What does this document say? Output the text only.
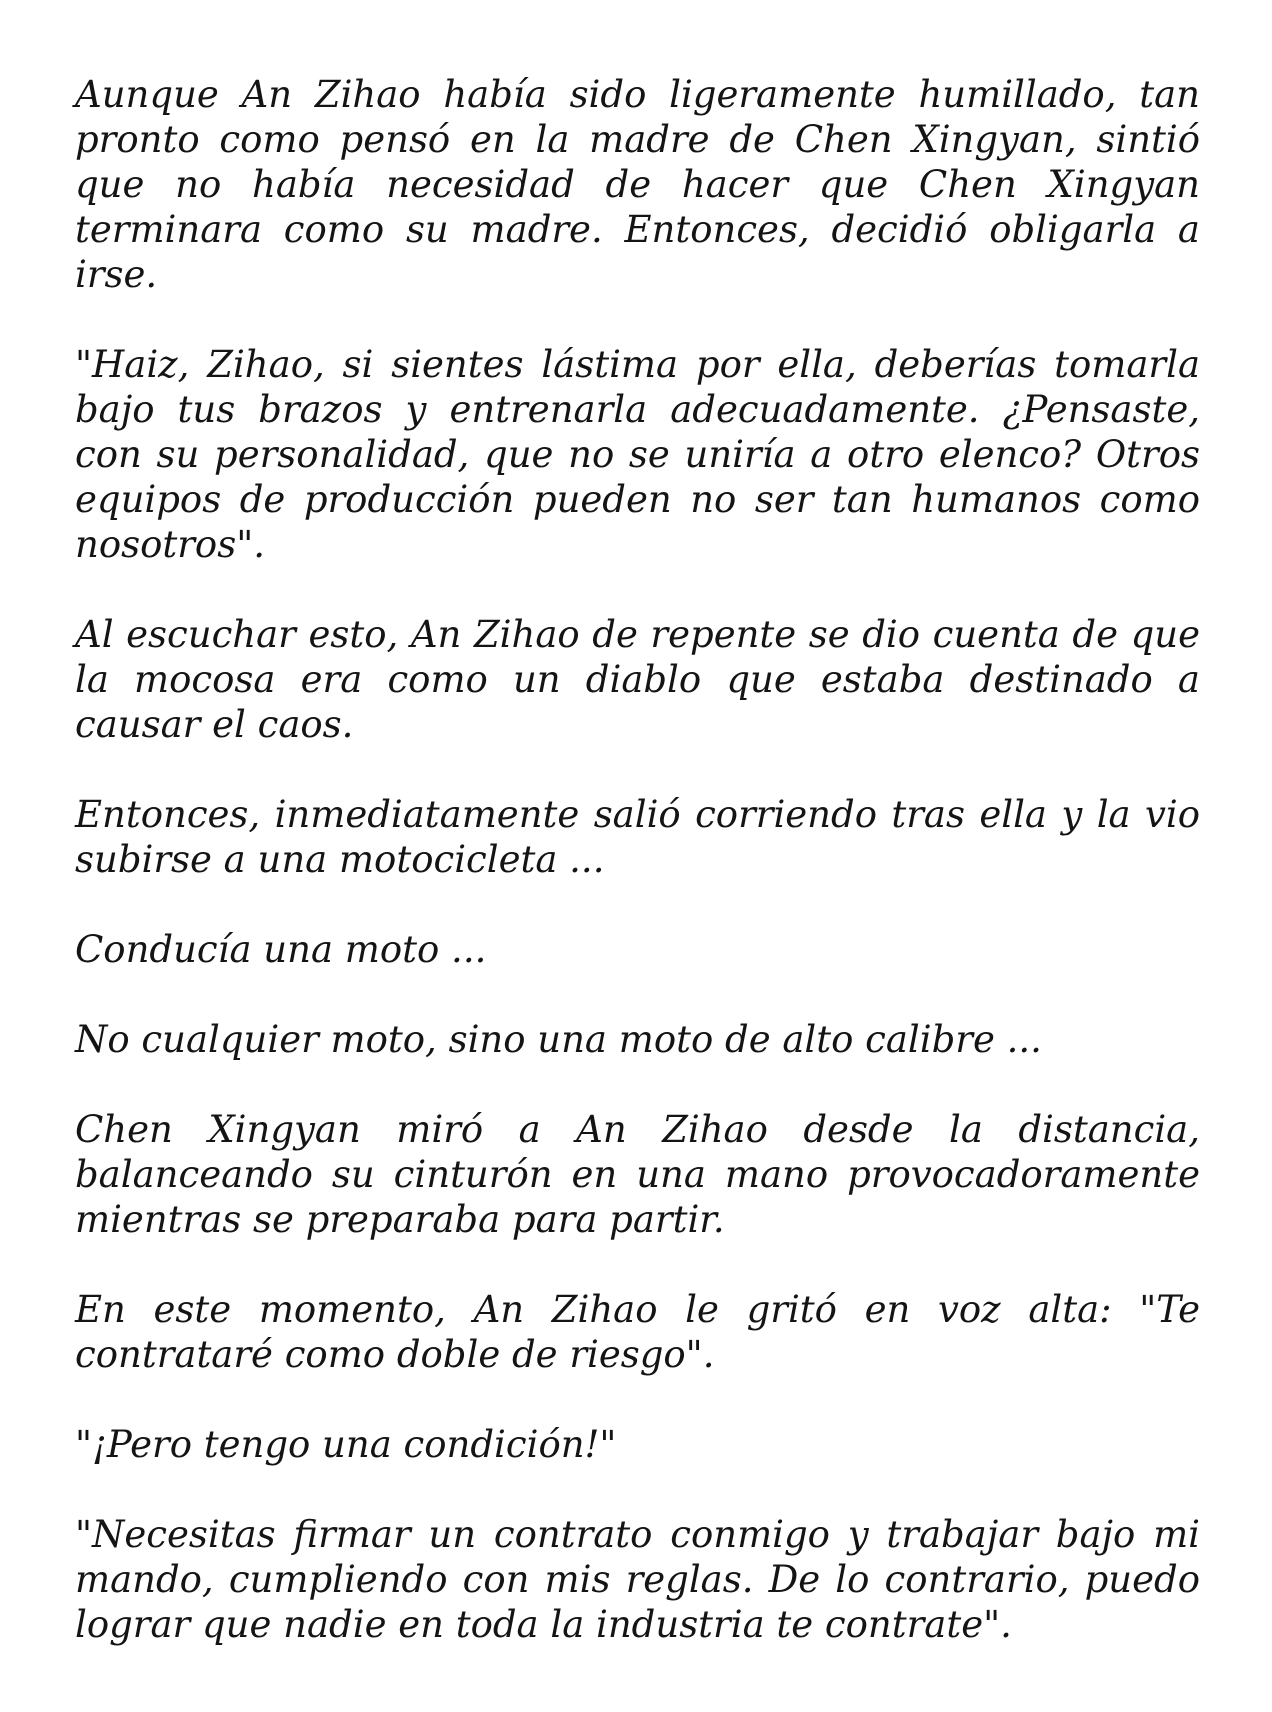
Aunque An Zihao había sido ligeramente humillado, tan pronto como pensó en la madre de Chen Xingyan, sintió que no había necesidad de hacer que Chen Xingyan terminara como su madre. Entonces, decidió obligarla a irse.

"Haiz, Zihao, si sientes lástima por ella, deberías tomarla bajo tus brazos y entrenarla adecuadamente. ¿Pensaste, con su personalidad, que no se uniría a otro elenco? Otros equipos de producción pueden no ser tan humanos como nosotros".

Al escuchar esto, An Zihao de repente se dio cuenta de que la mocosa era como un diablo que estaba destinado a causar el caos.

Entonces, inmediatamente salió corriendo tras ella y la vio subirse a una motocicleta ...

Conducía una moto ...

No cualquier moto, sino una moto de alto calibre ...

Chen Xingyan miró a An Zihao desde la distancia, balanceando su cinturón en una mano provocadoramente mientras se preparaba para partir.

En este momento, An Zihao le gritó en voz alta: "Te contrataré como doble de riesgo".

"¡Pero tengo una condición!"

"Necesitas firmar un contrato conmigo y trabajar bajo mi mando, cumpliendo con mis reglas. De lo contrario, puedo lograr que nadie en toda la industria te contrate".
